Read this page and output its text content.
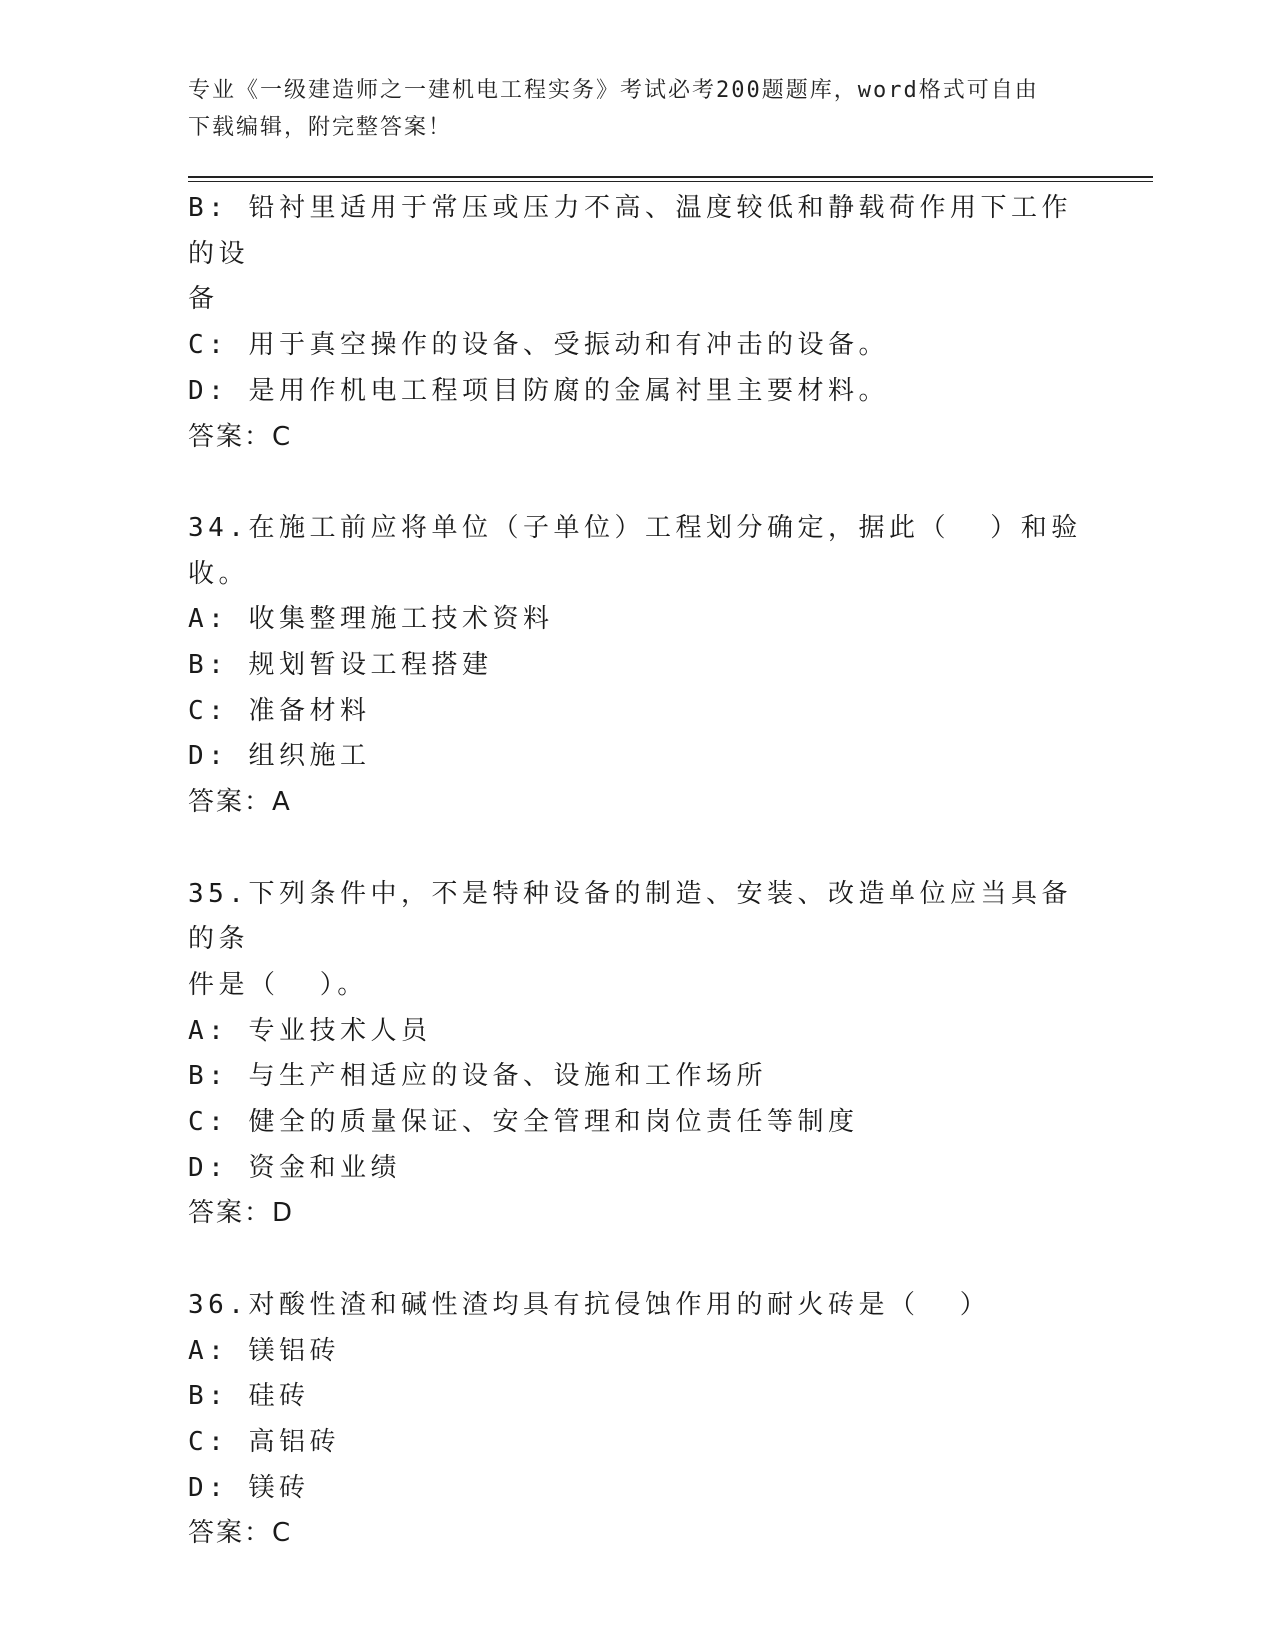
专业《一级建造师之一建机电工程实务》考试必考200题题库，word格式可自由
下载编辑，附完整答案！
B: 铅衬里适用于常压或压力不高、温度较低和静载荷作用下工作的设
备
C: 用于真空操作的设备、受振动和有冲击的设备。
D: 是用作机电工程项目防腐的金属衬里主要材料。
答案：C
34.在施工前应将单位（子单位）工程划分确定，据此（  ）和验收。
A: 收集整理施工技术资料
B: 规划暂设工程搭建
C: 准备材料
D: 组织施工
答案：A
35.下列条件中，不是特种设备的制造、安装、改造单位应当具备的条
件是（  ）。
A: 专业技术人员
B: 与生产相适应的设备、设施和工作场所
C: 健全的质量保证、安全管理和岗位责任等制度
D: 资金和业绩
答案：D
36.对酸性渣和碱性渣均具有抗侵蚀作用的耐火砖是（  ）
A: 镁铝砖
B: 硅砖
C: 高铝砖
D: 镁砖
答案：C
